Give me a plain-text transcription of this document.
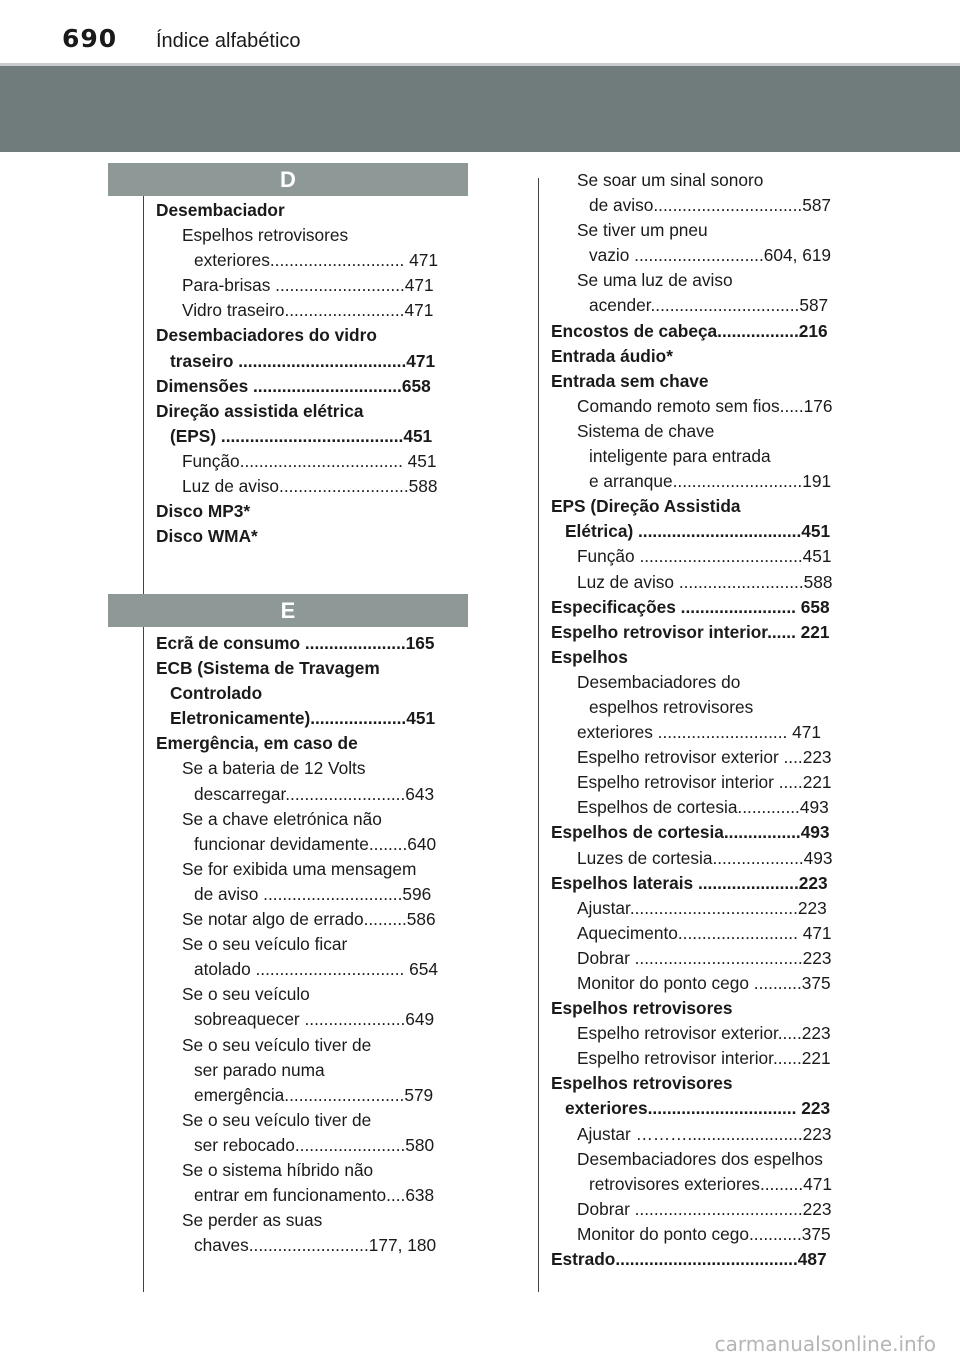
690 Índice alfabético
D
Desembaciador
Espelhos retrovisores
exteriores............................ 471
Para-brisas ...........................471
Vidro traseiro.........................471
Desembaciadores do vidro
traseiro ...................................471
Dimensões ...............................658
Direção assistida elétrica
(EPS) ......................................451
Função.................................. 451
Luz de aviso...........................588
Disco MP3*
Disco WMA*
E
Ecrã de consumo .....................165
ECB (Sistema de Travagem
Controlado
Eletronicamente)....................451
Emergência, em caso de
Se a bateria de 12 Volts
descarregar.........................643
Se a chave eletrónica não
funcionar devidamente........640
Se for exibida uma mensagem
de aviso .............................596
Se notar algo de errado.........586
Se o seu veículo ficar
atolado ............................... 654
Se o seu veículo
sobreaquecer .....................649
Se o seu veículo tiver de
ser parado numa
emergência.........................579
Se o seu veículo tiver de
ser rebocado.......................580
Se o sistema híbrido não
entrar em funcionamento....638
Se perder as suas
chaves.........................177, 180
Se soar um sinal sonoro
de aviso...............................587
Se tiver um pneu
vazio ...........................604, 619
Se uma luz de aviso
acender...............................587
Encostos de cabeça.................216
Entrada áudio*
Entrada sem chave
Comando remoto sem fios.....176
Sistema de chave
inteligente para entrada
e arranque...........................191
EPS (Direção Assistida
Elétrica) ..................................451
Função ..................................451
Luz de aviso ..........................588
Especificações ........................ 658
Espelho retrovisor interior...... 221
Espelhos
Desembaciadores do
espelhos retrovisores
exteriores ........................... 471
Espelho retrovisor exterior ....223
Espelho retrovisor interior .....221
Espelhos de cortesia.............493
Espelhos de cortesia................493
Luzes de cortesia...................493
Espelhos laterais .....................223
Ajustar...................................223
Aquecimento......................... 471
Dobrar ...................................223
Monitor do ponto cego ..........375
Espelhos retrovisores
Espelho retrovisor exterior.....223
Espelho retrovisor interior......221
Espelhos retrovisores
exteriores............................... 223
Ajustar ………........................223
Desembaciadores dos espelhos
retrovisores exteriores.........471
Dobrar ...................................223
Monitor do ponto cego...........375
Estrado......................................487
carmanualsonline.info
